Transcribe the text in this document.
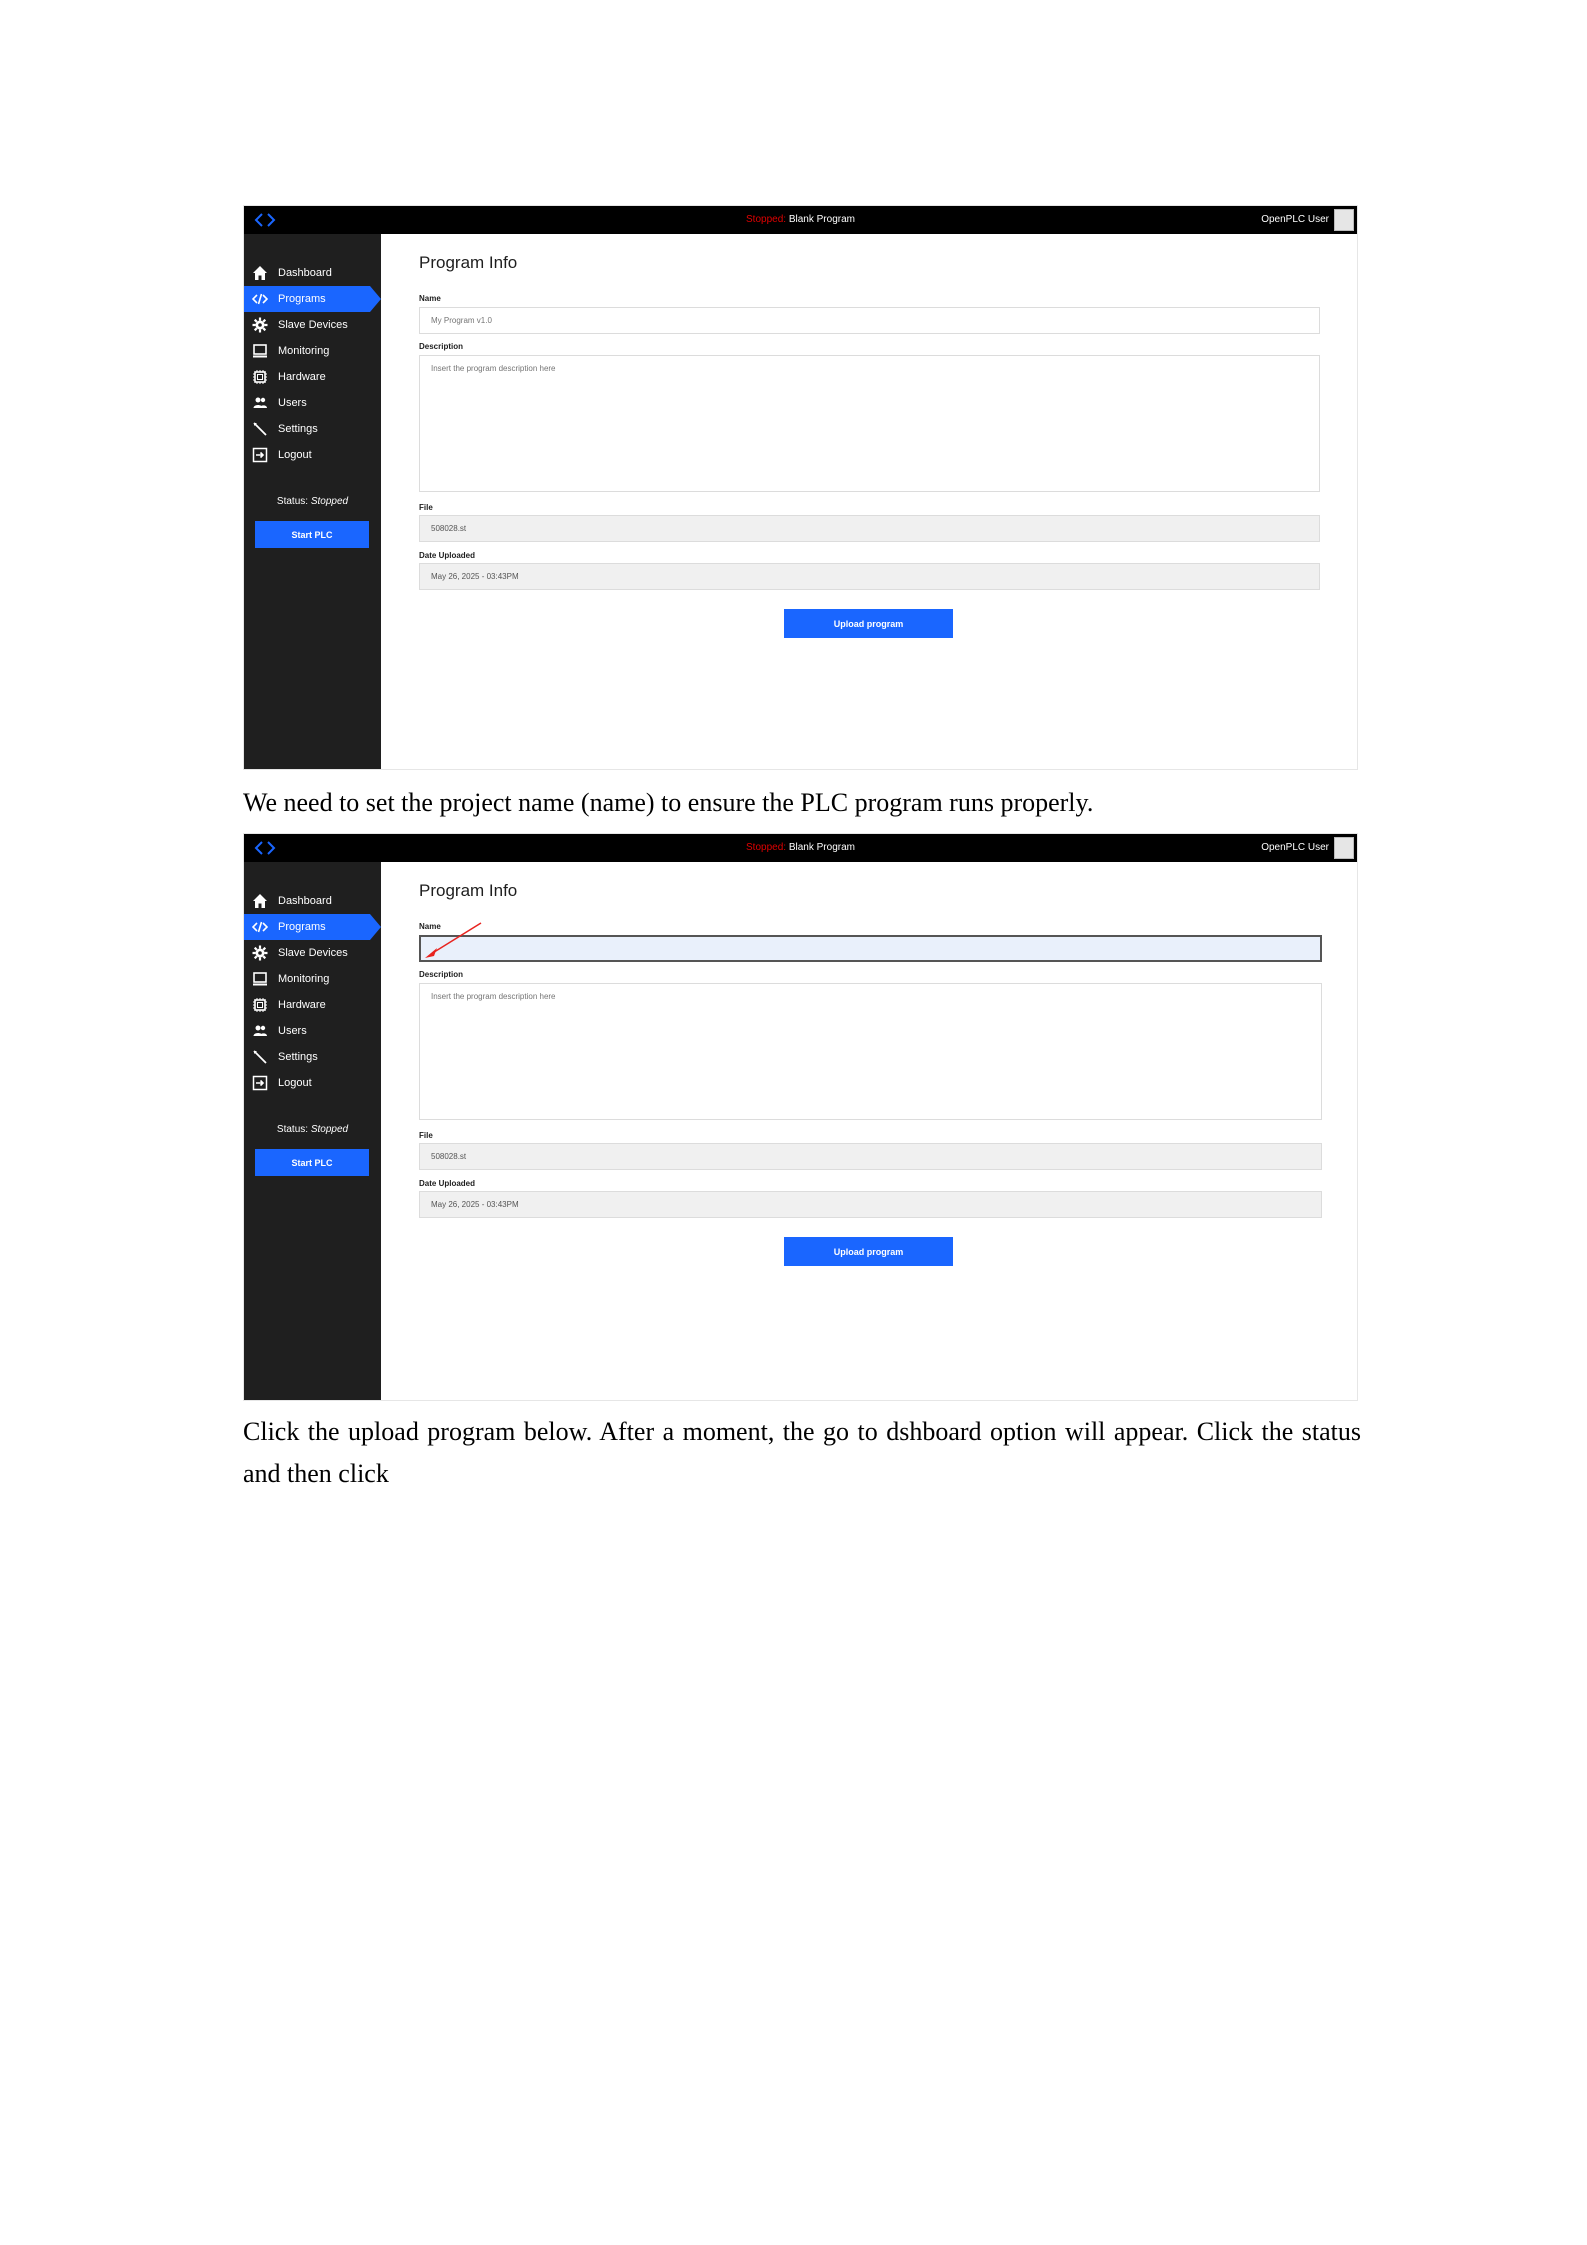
Stopped: Blank Program	OpenPLC User
Dashboard
Programs
Slave Devices
Monitoring
Hardware
Users
Settings
Logout
Status: Stopped
Start PLC
Program Info
Name
My Program v1.0
Description
Insert the program description here
File
508028.st
Date Uploaded
May 26, 2025 - 03:43PM
Upload program

We need to set the project name (name) to ensure the PLC program runs properly.

Stopped: Blank Program	OpenPLC User
Dashboard
Programs
Slave Devices
Monitoring
Hardware
Users
Settings
Logout
Status: Stopped
Start PLC
Program Info
Name
Description
Insert the program description here
File
508028.st
Date Uploaded
May 26, 2025 - 03:43PM
Upload program

Click the upload program below. After a moment, the go to dshboard option will appear. Click the status and then click
